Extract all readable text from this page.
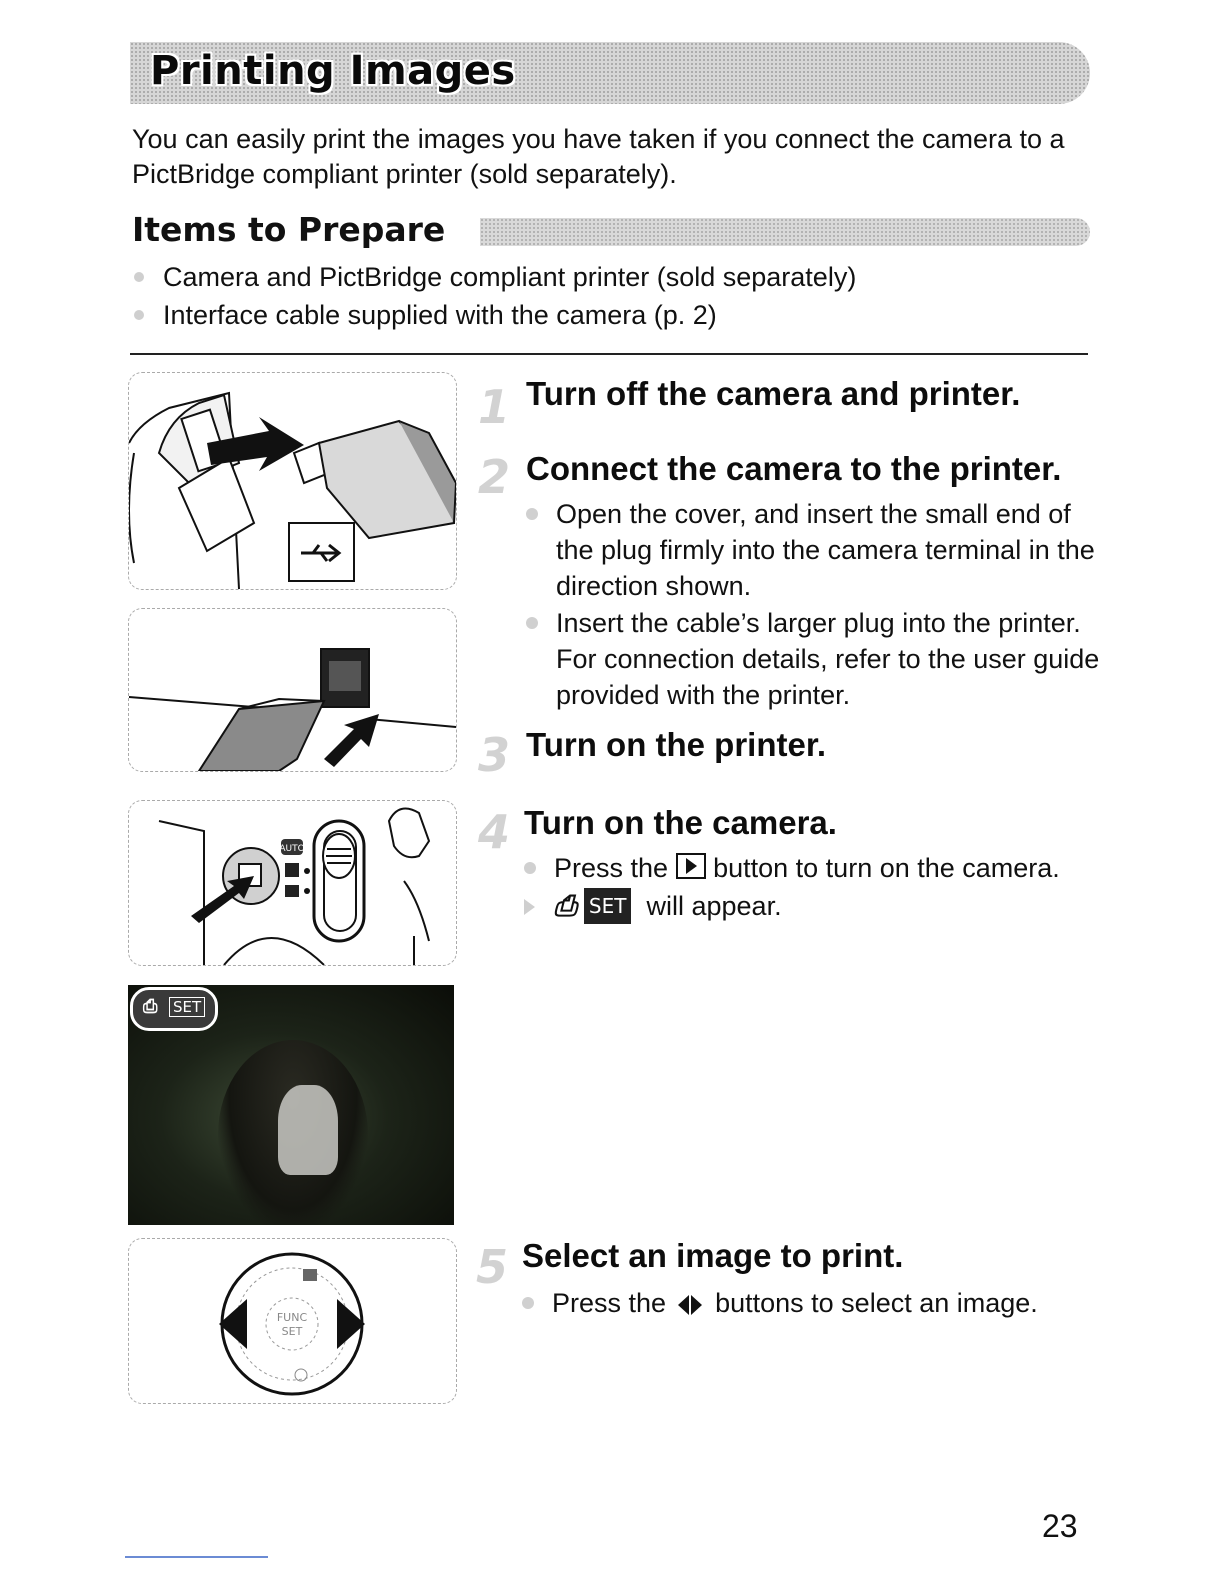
Printing Images
You can easily print the images you have taken if you connect the camera to a PictBridge compliant printer (sold separately).
Items to Prepare
Camera and PictBridge compliant printer (sold separately)
Interface cable supplied with the camera (p. 2)
AUTO
⎙ SET
FUNC
SET
1 Turn off the camera and printer.
2 Connect the camera to the printer.
Open the cover, and insert the small end of the plug firmly into the camera terminal in the direction shown.
Insert the cable’s larger plug into the printer. For connection details, refer to the user guide provided with the printer.
3 Turn on the printer.
4 Turn on the camera.
Press the button to turn on the camera.
⎙ SET will appear.
5 Select an image to print.
Press the buttons to select an image.
23
